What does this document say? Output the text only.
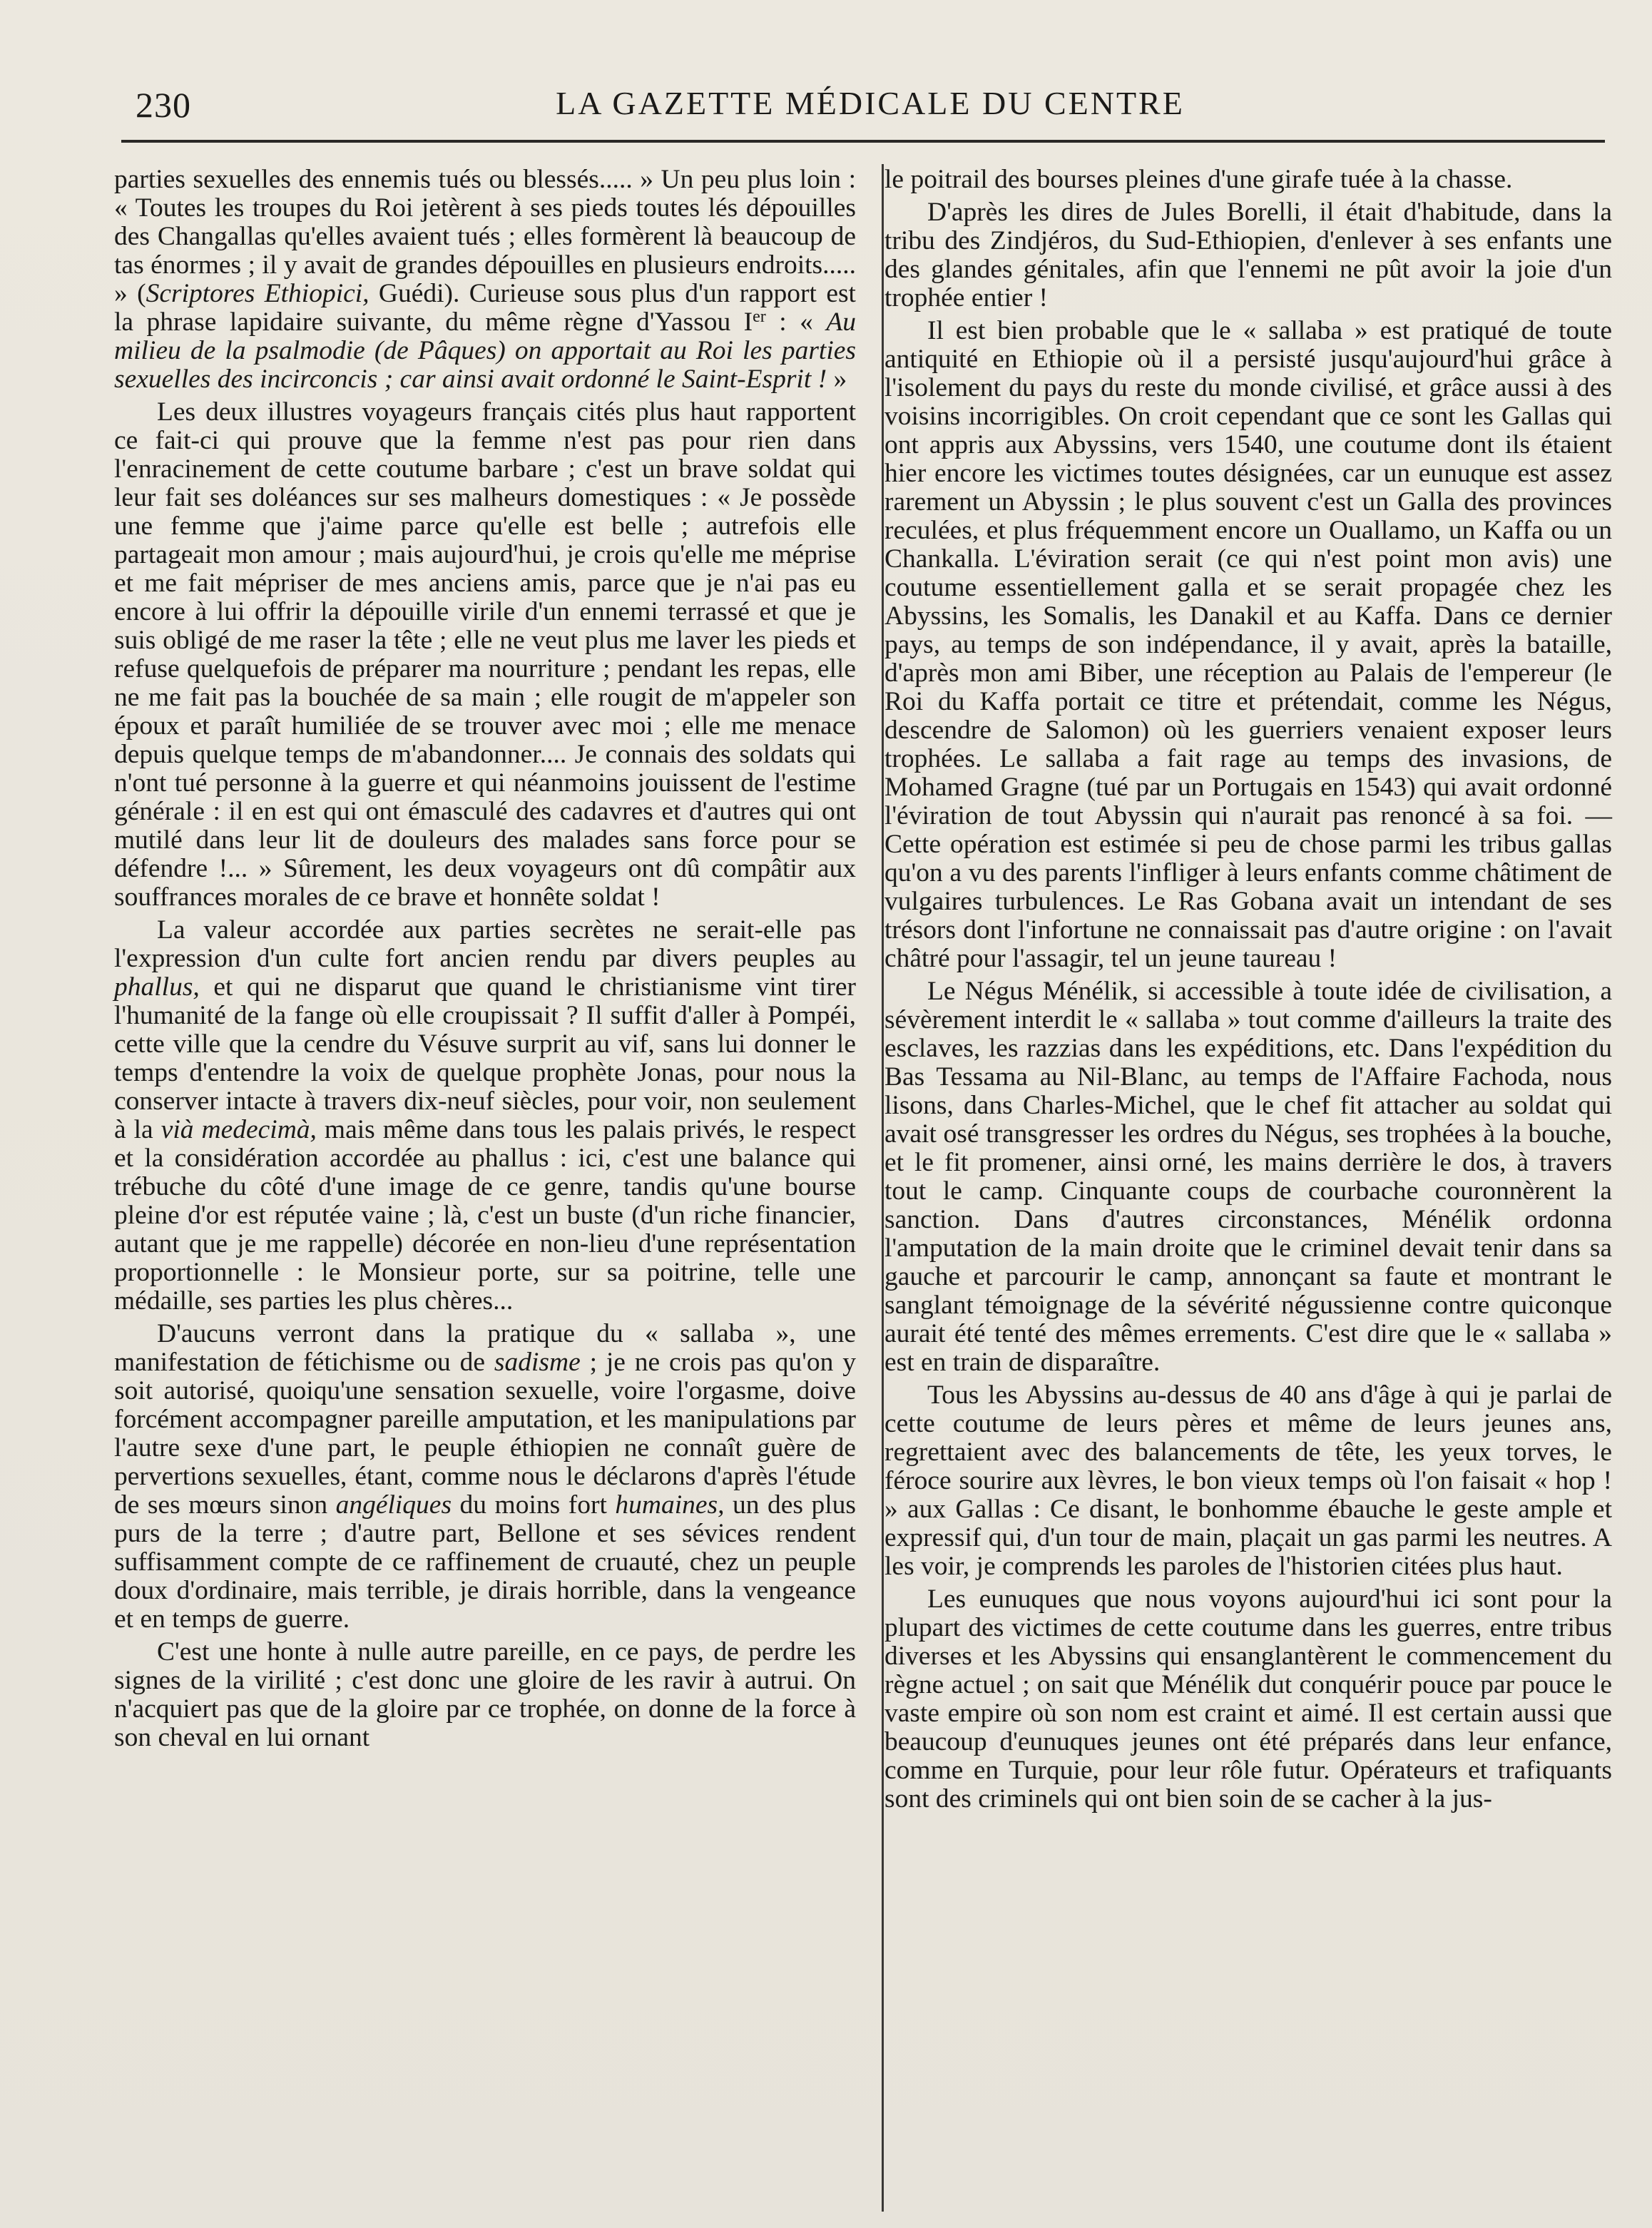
230	LA GAZETTE MÉDICALE DU CENTRE

parties sexuelles des ennemis tués ou blessés..... » Un peu plus loin : « Toutes les troupes du Roi jetèrent à ses pieds toutes lés dépouilles des Changallas qu'elles avaient tués ; elles formèrent là beaucoup de tas énormes ; il y avait de grandes dépouilles en plusieurs endroits..... » (Scriptores Ethiopici, Guédi). Curieuse sous plus d'un rapport est la phrase lapidaire suivante, du même règne d'Yassou Ier : « Au milieu de la psalmodie (de Pâques) on apportait au Roi les parties sexuelles des incirconcis ; car ainsi avait ordonné le Saint-Esprit ! »

Les deux illustres voyageurs français cités plus haut rapportent ce fait-ci qui prouve que la femme n'est pas pour rien dans l'enracinement de cette coutume barbare ; c'est un brave soldat qui leur fait ses doléances sur ses malheurs domestiques : « Je possède une femme que j'aime parce qu'elle est belle ; autrefois elle partageait mon amour ; mais aujourd'hui, je crois qu'elle me méprise et me fait mépriser de mes anciens amis, parce que je n'ai pas eu encore à lui offrir la dépouille virile d'un ennemi terrassé et que je suis obligé de me raser la tête ; elle ne veut plus me laver les pieds et refuse quelquefois de préparer ma nourriture ; pendant les repas, elle ne me fait pas la bouchée de sa main ; elle rougit de m'appeler son époux et paraît humiliée de se trouver avec moi ; elle me menace depuis quelque temps de m'abandonner.... Je connais des soldats qui n'ont tué personne à la guerre et qui néanmoins jouissent de l'estime générale : il en est qui ont émasculé des cadavres et d'autres qui ont mutilé dans leur lit de douleurs des malades sans force pour se défendre !... » Sûrement, les deux voyageurs ont dû compâtir aux souffrances morales de ce brave et honnête soldat !

La valeur accordée aux parties secrètes ne serait-elle pas l'expression d'un culte fort ancien rendu par divers peuples au phallus, et qui ne disparut que quand le christianisme vint tirer l'humanité de la fange où elle croupissait ? Il suffit d'aller à Pompéi, cette ville que la cendre du Vésuve surprit au vif, sans lui donner le temps d'entendre la voix de quelque prophète Jonas, pour nous la conserver intacte à travers dix-neuf siècles, pour voir, non seulement à la vià medecimà, mais même dans tous les palais privés, le respect et la considération accordée au phallus : ici, c'est une balance qui trébuche du côté d'une image de ce genre, tandis qu'une bourse pleine d'or est réputée vaine ; là, c'est un buste (d'un riche financier, autant que je me rappelle) décorée en non-lieu d'une représentation proportionnelle : le Monsieur porte, sur sa poitrine, telle une médaille, ses parties les plus chères...

D'aucuns verront dans la pratique du « sallaba », une manifestation de fétichisme ou de sadisme ; je ne crois pas qu'on y soit autorisé, quoiqu'une sensation sexuelle, voire l'orgasme, doive forcément accompagner pareille amputation, et les manipulations par l'autre sexe d'une part, le peuple éthiopien ne connaît guère de pervertions sexuelles, étant, comme nous le déclarons d'après l'étude de ses mœurs sinon angéliques du moins fort humaines, un des plus purs de la terre ; d'autre part, Bellone et ses sévices rendent suffisamment compte de ce raffinement de cruauté, chez un peuple doux d'ordinaire, mais terrible, je dirais horrible, dans la vengeance et en temps de guerre.

C'est une honte à nulle autre pareille, en ce pays, de perdre les signes de la virilité ; c'est donc une gloire de les ravir à autrui. On n'acquiert pas que de la gloire par ce trophée, on donne de la force à son cheval en lui ornant

le poitrail des bourses pleines d'une girafe tuée à la chasse.

D'après les dires de Jules Borelli, il était d'habitude, dans la tribu des Zindjéros, du Sud-Ethiopien, d'enlever à ses enfants une des glandes génitales, afin que l'ennemi ne pût avoir la joie d'un trophée entier !

Il est bien probable que le « sallaba » est pratiqué de toute antiquité en Ethiopie où il a persisté jusqu'aujourd'hui grâce à l'isolement du pays du reste du monde civilisé, et grâce aussi à des voisins incorrigibles. On croit cependant que ce sont les Gallas qui ont appris aux Abyssins, vers 1540, une coutume dont ils étaient hier encore les victimes toutes désignées, car un eunuque est assez rarement un Abyssin ; le plus souvent c'est un Galla des provinces reculées, et plus fréquemment encore un Ouallamo, un Kaffa ou un Chankalla. L'éviration serait (ce qui n'est point mon avis) une coutume essentiellement galla et se serait propagée chez les Abyssins, les Somalis, les Danakil et au Kaffa. Dans ce dernier pays, au temps de son indépendance, il y avait, après la bataille, d'après mon ami Biber, une réception au Palais de l'empereur (le Roi du Kaffa portait ce titre et prétendait, comme les Négus, descendre de Salomon) où les guerriers venaient exposer leurs trophées. Le sallaba a fait rage au temps des invasions, de Mohamed Gragne (tué par un Portugais en 1543) qui avait ordonné l'éviration de tout Abyssin qui n'aurait pas renoncé à sa foi. — Cette opération est estimée si peu de chose parmi les tribus gallas qu'on a vu des parents l'infliger à leurs enfants comme châtiment de vulgaires turbulences. Le Ras Gobana avait un intendant de ses trésors dont l'infortune ne connaissait pas d'autre origine : on l'avait châtré pour l'assagir, tel un jeune taureau !

Le Négus Ménélik, si accessible à toute idée de civilisation, a sévèrement interdit le « sallaba » tout comme d'ailleurs la traite des esclaves, les razzias dans les expéditions, etc. Dans l'expédition du Bas Tessama au Nil-Blanc, au temps de l'Affaire Fachoda, nous lisons, dans Charles-Michel, que le chef fit attacher au soldat qui avait osé transgresser les ordres du Négus, ses trophées à la bouche, et le fit promener, ainsi orné, les mains derrière le dos, à travers tout le camp. Cinquante coups de courbache couronnèrent la sanction. Dans d'autres circonstances, Ménélik ordonna l'amputation de la main droite que le criminel devait tenir dans sa gauche et parcourir le camp, annonçant sa faute et montrant le sanglant témoignage de la sévérité négussienne contre quiconque aurait été tenté des mêmes errements. C'est dire que le « sallaba » est en train de disparaître.

Tous les Abyssins au-dessus de 40 ans d'âge à qui je parlai de cette coutume de leurs pères et même de leurs jeunes ans, regrettaient avec des balancements de tête, les yeux torves, le féroce sourire aux lèvres, le bon vieux temps où l'on faisait « hop ! » aux Gallas : Ce disant, le bonhomme ébauche le geste ample et expressif qui, d'un tour de main, plaçait un gas parmi les neutres. A les voir, je comprends les paroles de l'historien citées plus haut.

Les eunuques que nous voyons aujourd'hui ici sont pour la plupart des victimes de cette coutume dans les guerres, entre tribus diverses et les Abyssins qui ensanglantèrent le commencement du règne actuel ; on sait que Ménélik dut conquérir pouce par pouce le vaste empire où son nom est craint et aimé. Il est certain aussi que beaucoup d'eunuques jeunes ont été préparés dans leur enfance, comme en Turquie, pour leur rôle futur. Opérateurs et trafiquants sont des criminels qui ont bien soin de se cacher à la jus-
